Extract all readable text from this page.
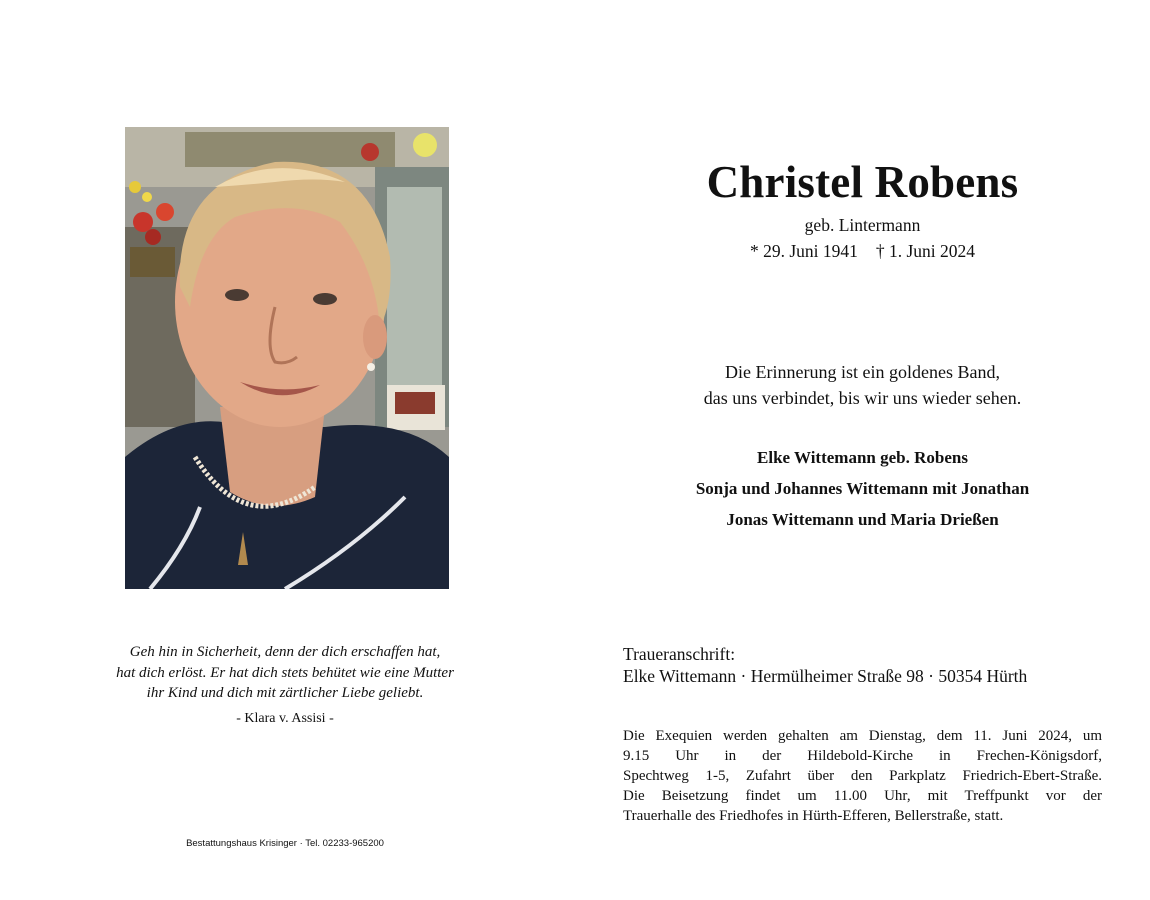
Christel Robens
geb. Lintermann
* 29. Juni 1941 † 1. Juni 2024
Die Erinnerung ist ein goldenes Band,
das uns verbindet, bis wir uns wieder sehen.
Elke Wittemann geb. Robens
Sonja und Johannes Wittemann mit Jonathan
Jonas Wittemann und Maria Drießen
Traueranschrift:
Elke Wittemann · Hermülheimer Straße 98 · 50354 Hürth
Die Exequien werden gehalten am Dienstag, dem 11. Juni 2024, um
9.15 Uhr in der Hildebold-Kirche in Frechen-Königsdorf,
Spechtweg 1-5, Zufahrt über den Parkplatz Friedrich-Ebert-Straße.
Die Beisetzung findet um 11.00 Uhr, mit Treffpunkt vor der
Trauerhalle des Friedhofes in Hürth-Efferen, Bellerstraße, statt.
Geh hin in Sicherheit, denn der dich erschaffen hat,
hat dich erlöst. Er hat dich stets behütet wie eine Mutter
ihr Kind und dich mit zärtlicher Liebe geliebt.
- Klara v. Assisi -
Bestattungshaus Krisinger · Tel. 02233-965200
